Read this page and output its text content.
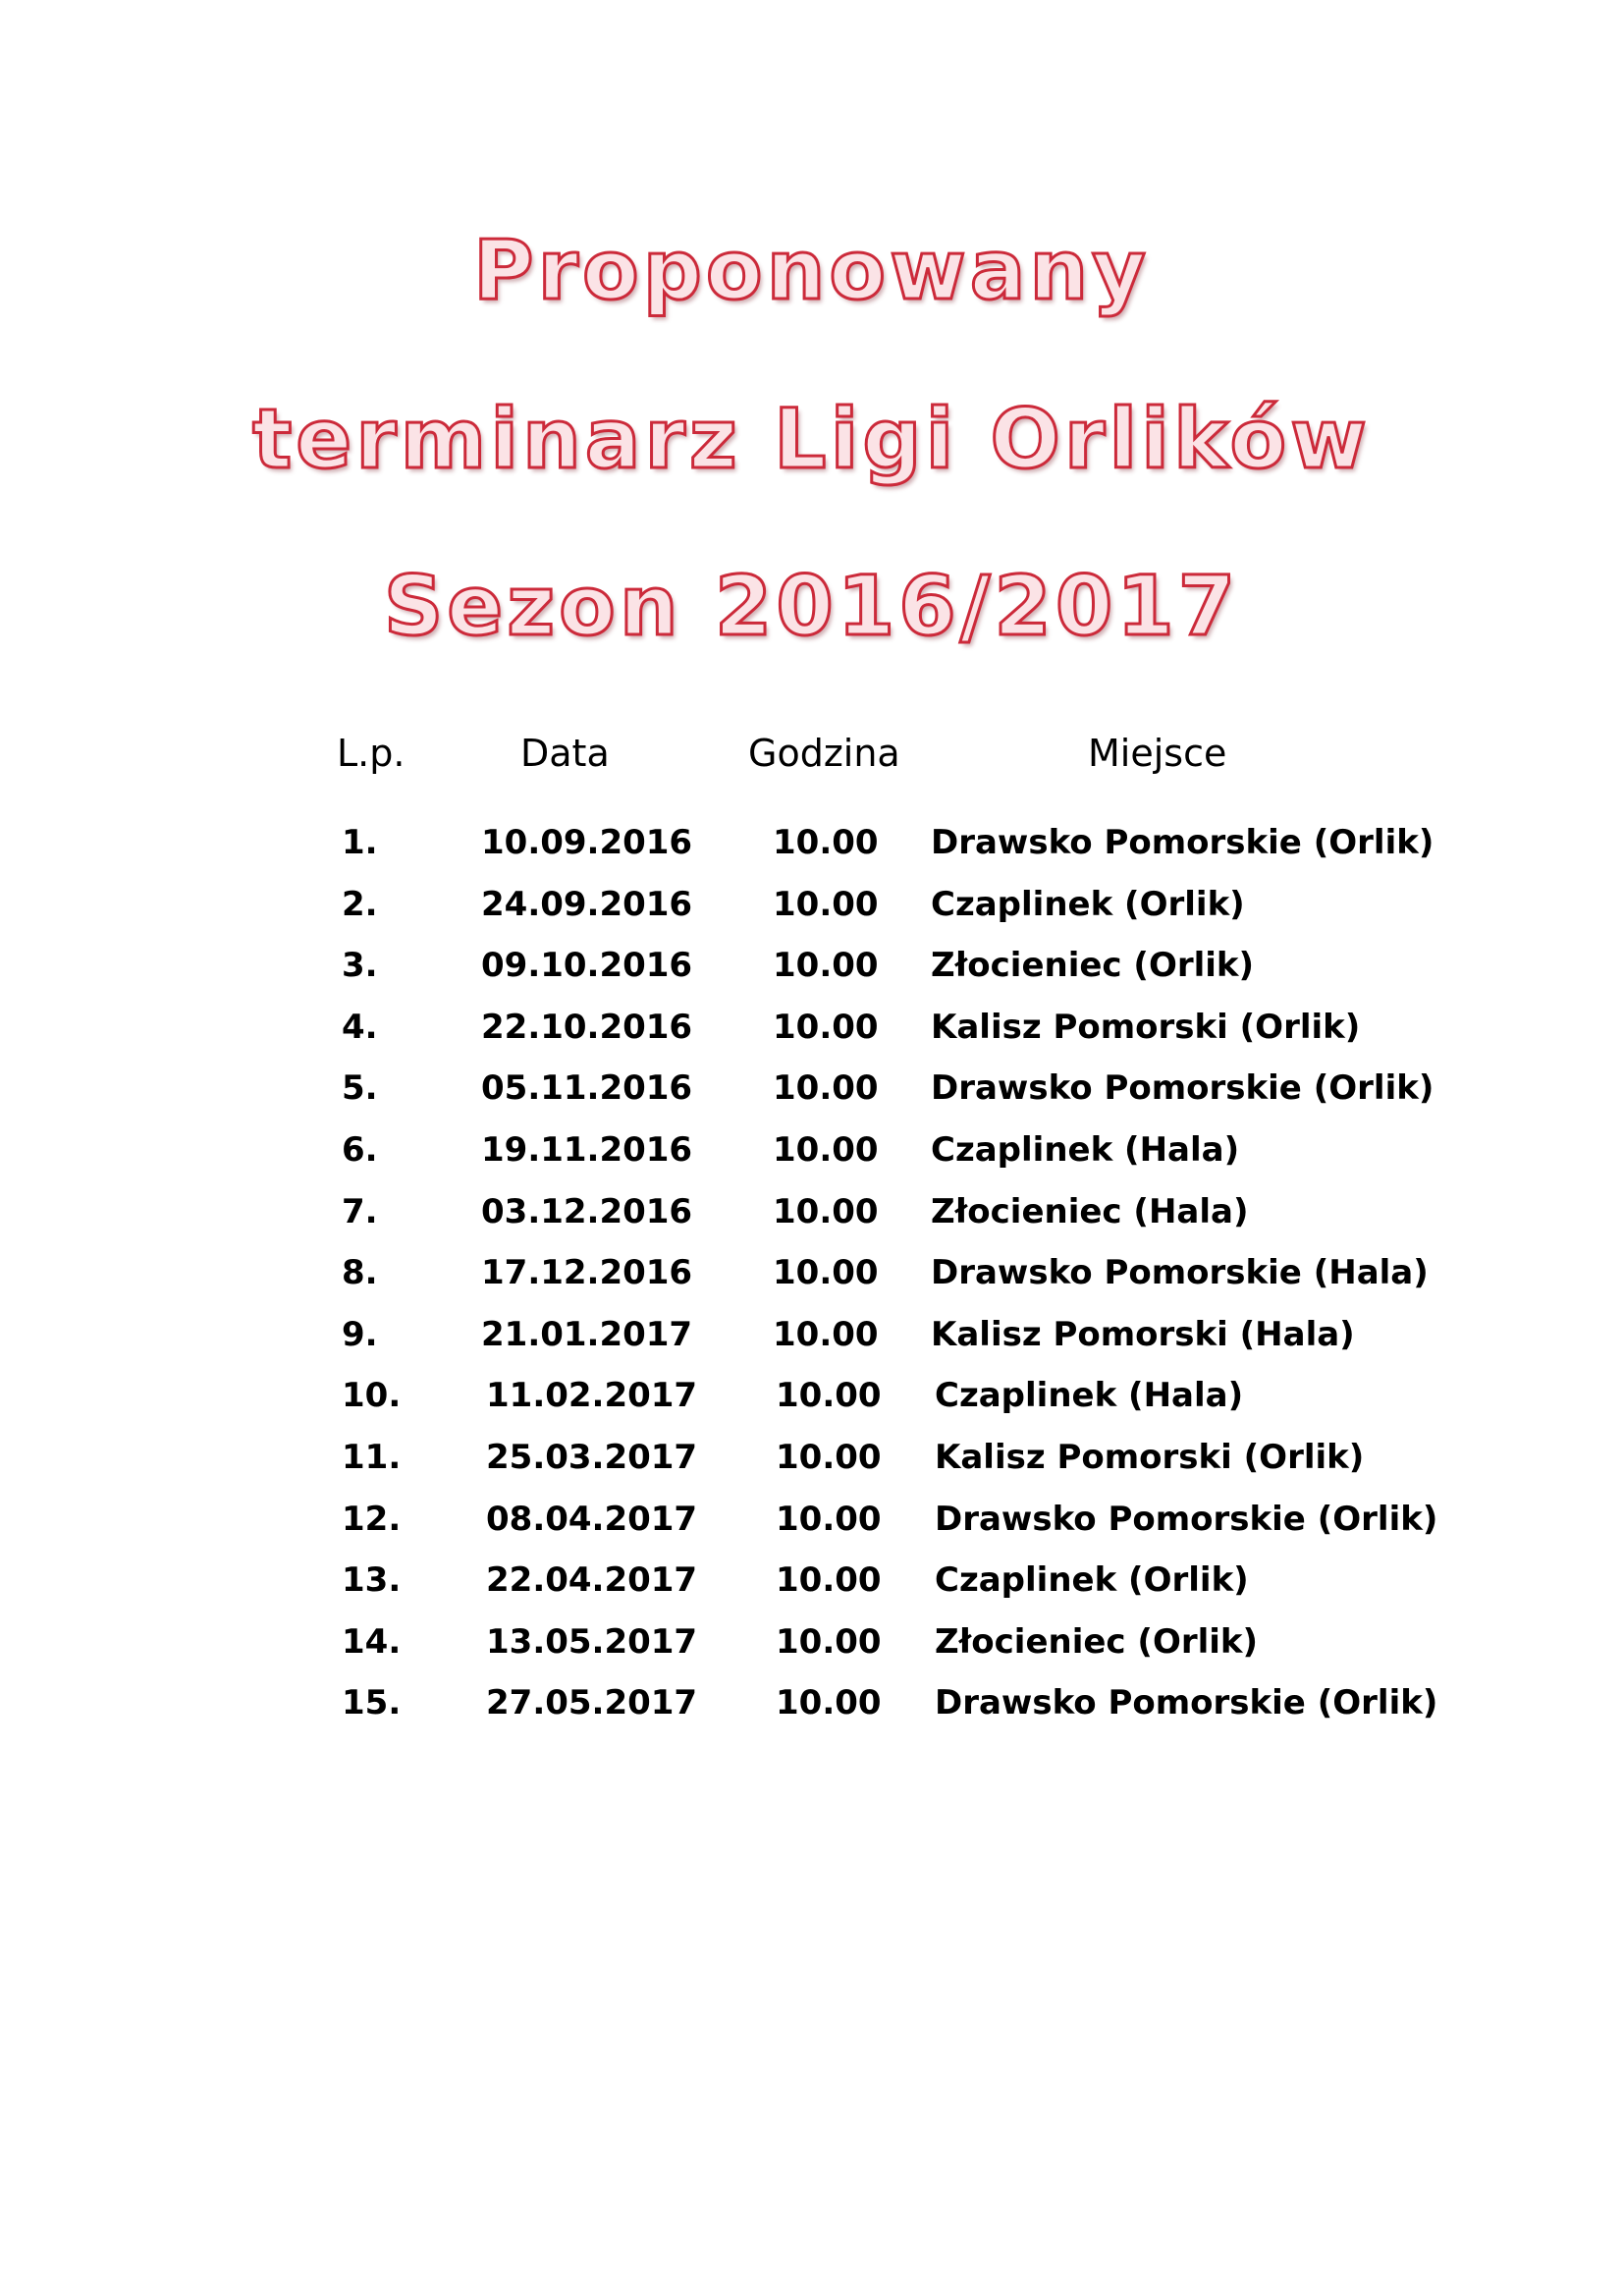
Proponowany
terminarz Ligi Orlików
Sezon 2016/2017
L.p.	Data	Godzina	Miejsce
1.	10.09.2016 10.00 Drawsko Pomorskie (Orlik)
2.	24.09.2016 10.00 Czaplinek (Orlik)
3.	09.10.2016 10.00 Złocieniec (Orlik)
4.	22.10.2016 10.00 Kalisz Pomorski (Orlik)
5.	05.11.2016 10.00 Drawsko Pomorskie (Orlik)
6.	19.11.2016 10.00 Czaplinek (Hala)
7.	03.12.2016 10.00 Złocieniec (Hala)
8.	17.12.2016 10.00 Drawsko Pomorskie (Hala)
9.	21.01.2017 10.00 Kalisz Pomorski (Hala)
10.	11.02.2017 10.00 Czaplinek (Hala)
11.	25.03.2017 10.00 Kalisz Pomorski (Orlik)
12.	08.04.2017 10.00 Drawsko Pomorskie (Orlik)
13.	22.04.2017 10.00 Czaplinek (Orlik)
14.	13.05.2017 10.00 Złocieniec (Orlik)
15.	27.05.2017 10.00 Drawsko Pomorskie (Orlik)
